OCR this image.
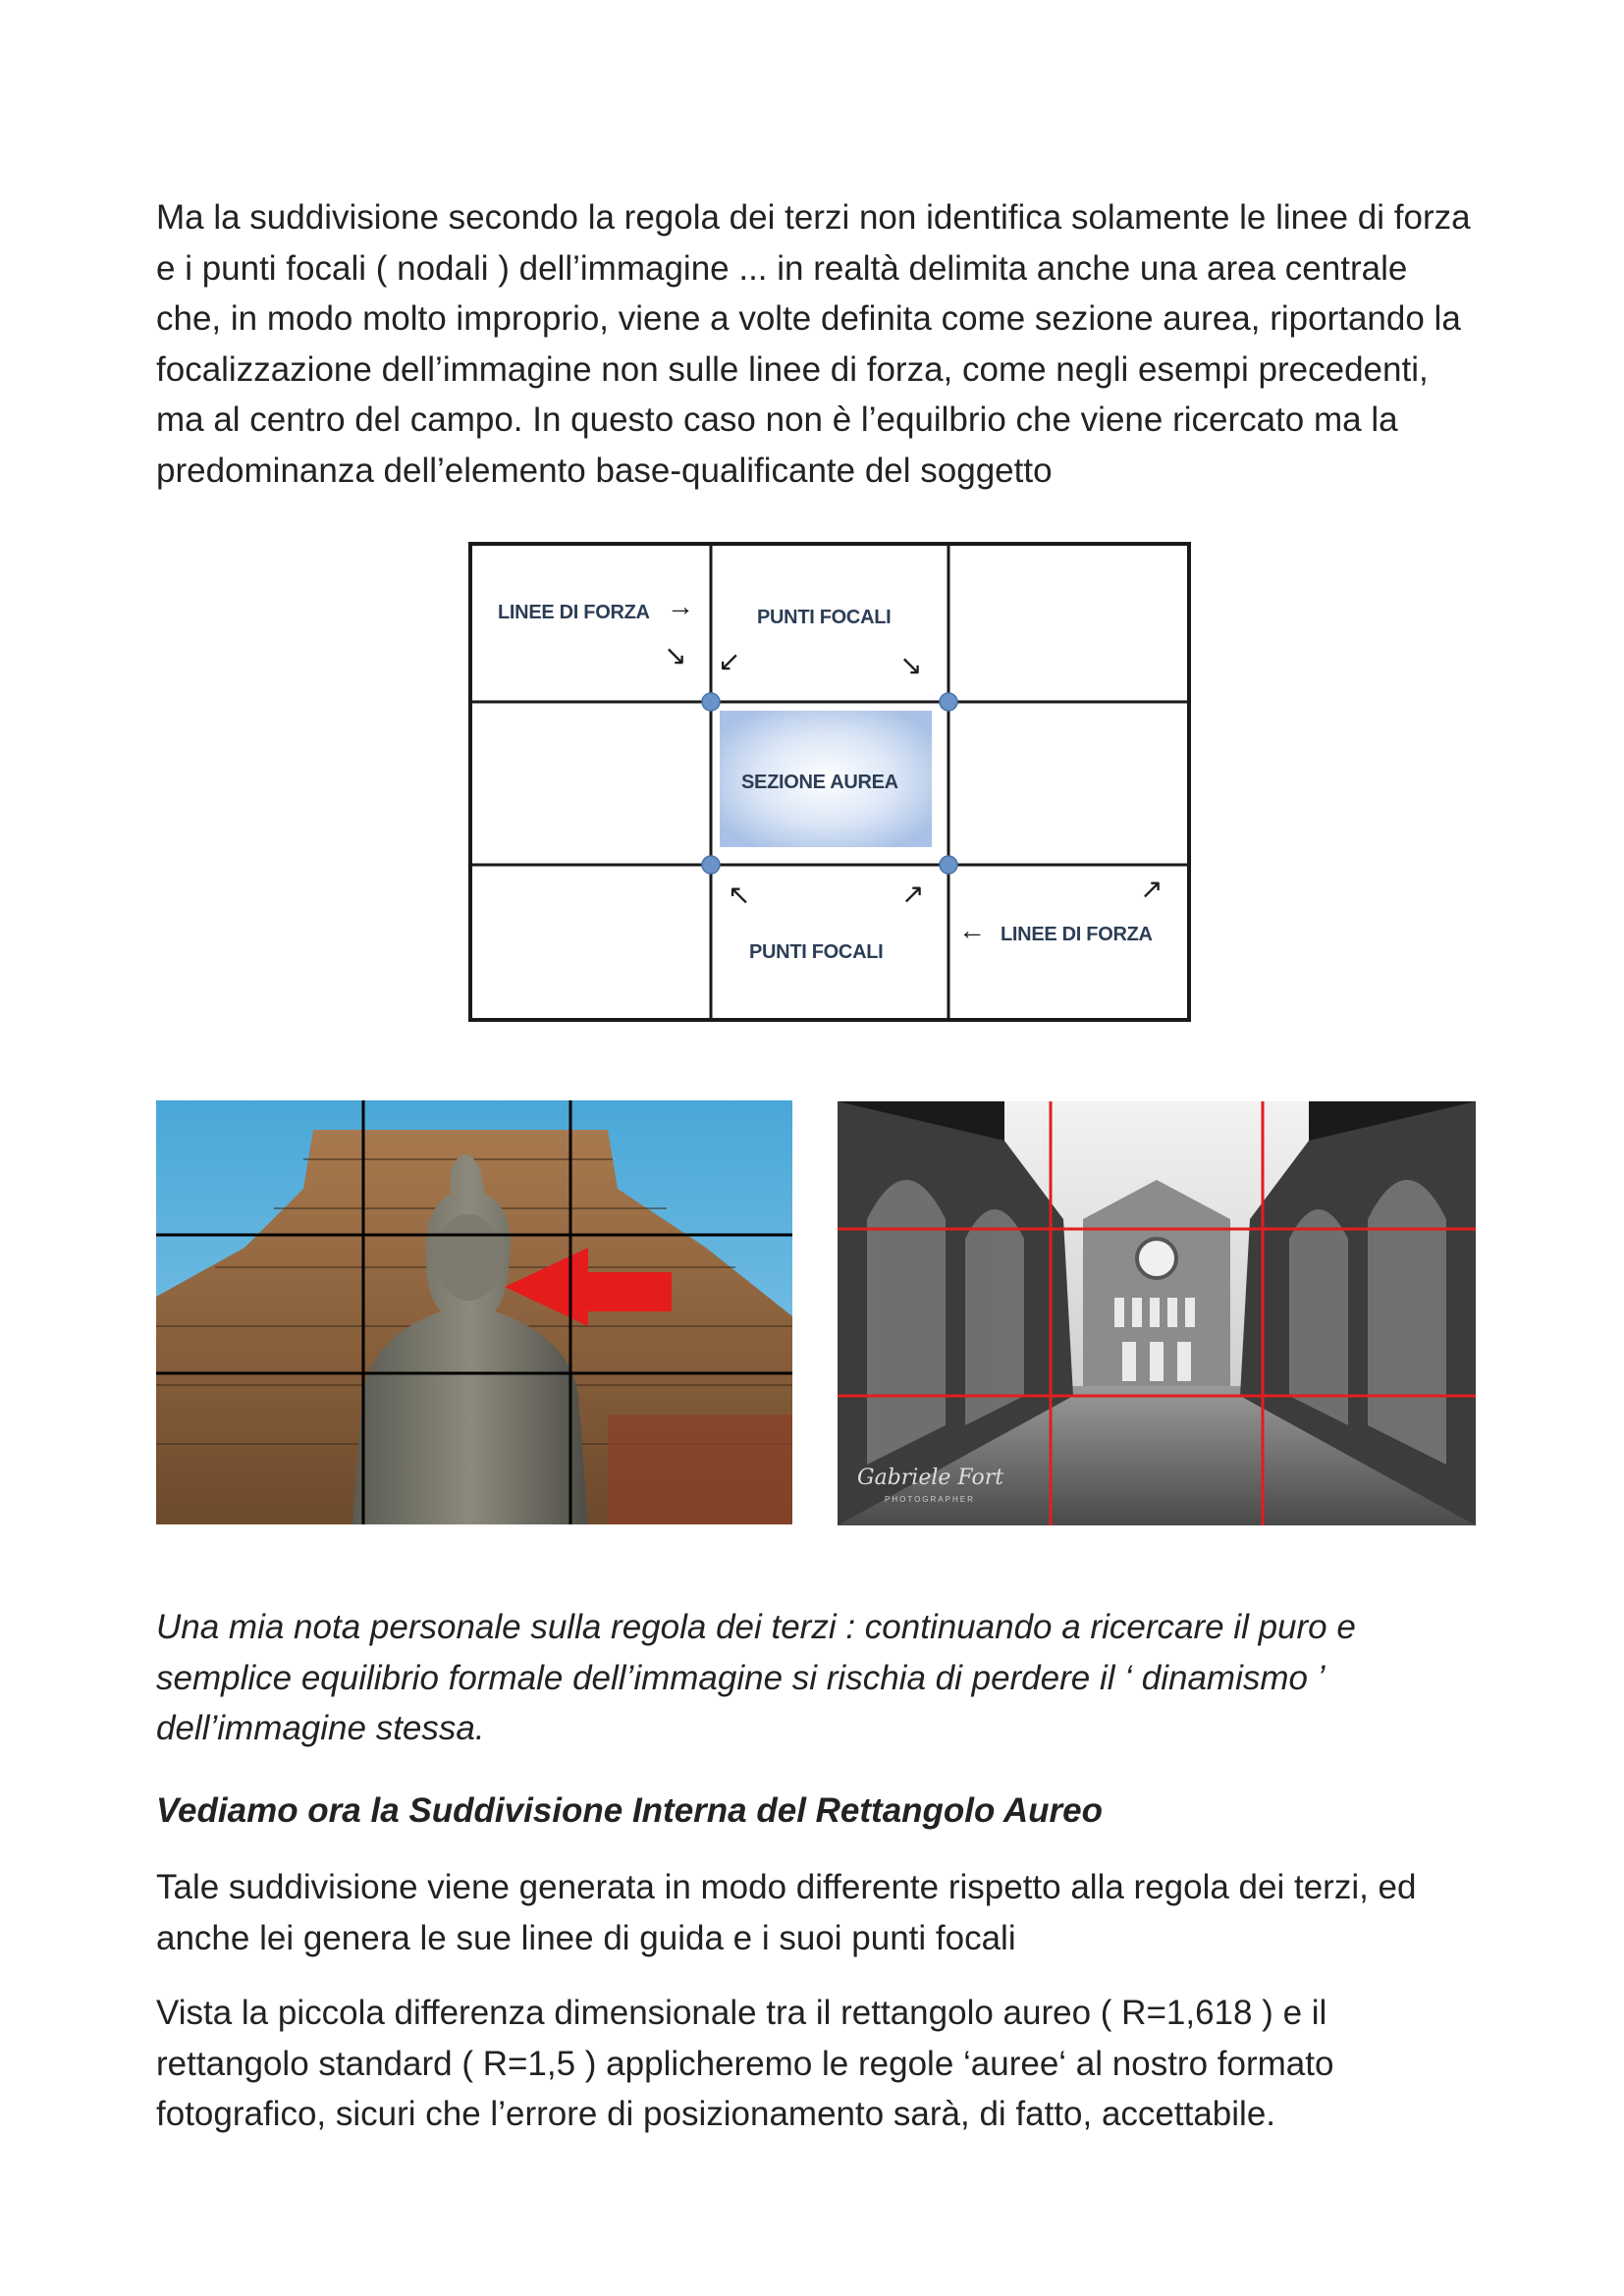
Ma la suddivisione secondo la regola dei terzi non identifica solamente le linee di forza e i punti focali ( nodali ) dell’immagine ... in realtà delimita anche una area centrale che, in modo molto improprio, viene a volte definita come sezione aurea, riportando la focalizzazione dell’immagine non sulle linee di forza, come negli esempi precedenti, ma al centro del campo. In questo caso non è l’equilbrio che viene ricercato ma la predominanza dell’elemento base-qualificante del soggetto

LINEE DI FORZA →
↘
PUNTI FOCALI
↙	↘
SEZIONE AUREA
↖	↗
PUNTI FOCALI
← LINEE DI FORZA
↗
Gabriele Fort
PHOTOGRAPHER

Una mia nota personale sulla regola dei terzi : continuando a ricercare il puro e semplice equilibrio formale dell’immagine si rischia di perdere il ‘ dinamismo ’ dell’immagine stessa.

Vediamo ora la Suddivisione Interna del Rettangolo Aureo

Tale suddivisione viene generata in modo differente rispetto alla regola dei terzi, ed anche lei genera le sue linee di guida e i suoi punti focali

Vista la piccola differenza dimensionale tra il rettangolo aureo ( R=1,618 ) e il rettangolo standard ( R=1,5 ) applicheremo le regole ‘auree‘ al nostro formato fotografico, sicuri che l’errore di posizionamento sarà, di fatto, accettabile.
